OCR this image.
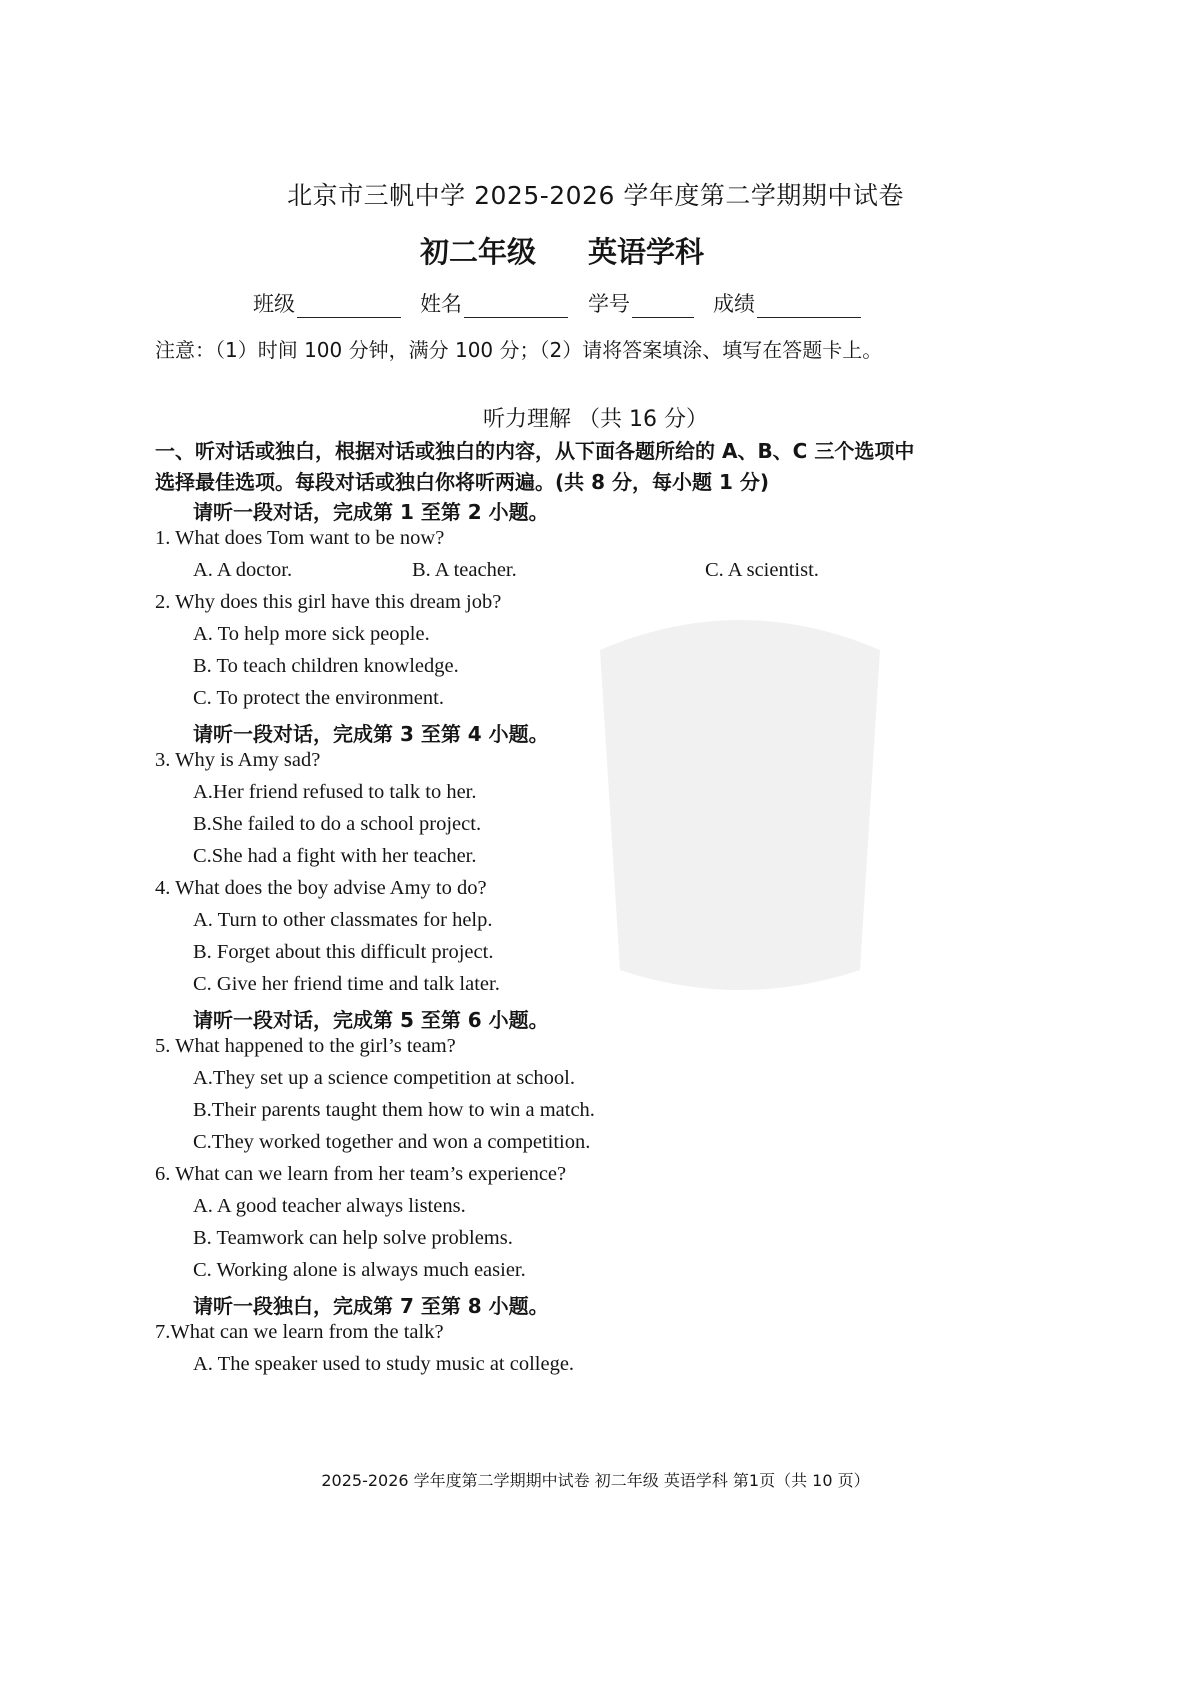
北京市三帆中学 2025-2026 学年度第二学期期中试卷
初二年级 英语学科
班级	姓名	学号	成绩
注意：（1）时间 100 分钟，满分 100 分；（2）请将答案填涂、填写在答题卡上。
听力理解 （共 16 分）
一、听对话或独白，根据对话或独白的内容，从下面各题所给的 A、B、C 三个选项中
选择最佳选项。每段对话或独白你将听两遍。(共 8 分，每小题 1 分)
请听一段对话，完成第 1 至第 2 小题。
1. What does Tom want to be now?
A. A doctor.	B. A teacher.	C. A scientist.
2. Why does this girl have this dream job?
A. To help more sick people.
B. To teach children knowledge.
C. To protect the environment.
请听一段对话，完成第 3 至第 4 小题。
3. Why is Amy sad?
A.Her friend refused to talk to her.
B.She failed to do a school project.
C.She had a fight with her teacher.
4. What does the boy advise Amy to do?
A. Turn to other classmates for help.
B. Forget about this difficult project.
C. Give her friend time and talk later.
请听一段对话，完成第 5 至第 6 小题。
5. What happened to the girl’s team?
A.They set up a science competition at school.
B.Their parents taught them how to win a match.
C.They worked together and won a competition.
6. What can we learn from her team’s experience?
A. A good teacher always listens.
B. Teamwork can help solve problems.
C. Working alone is always much easier.
请听一段独白，完成第 7 至第 8 小题。
7.What can we learn from the talk?
A. The speaker used to study music at college.
2025-2026 学年度第二学期期中试卷 初二年级 英语学科 第1页（共 10 页）
